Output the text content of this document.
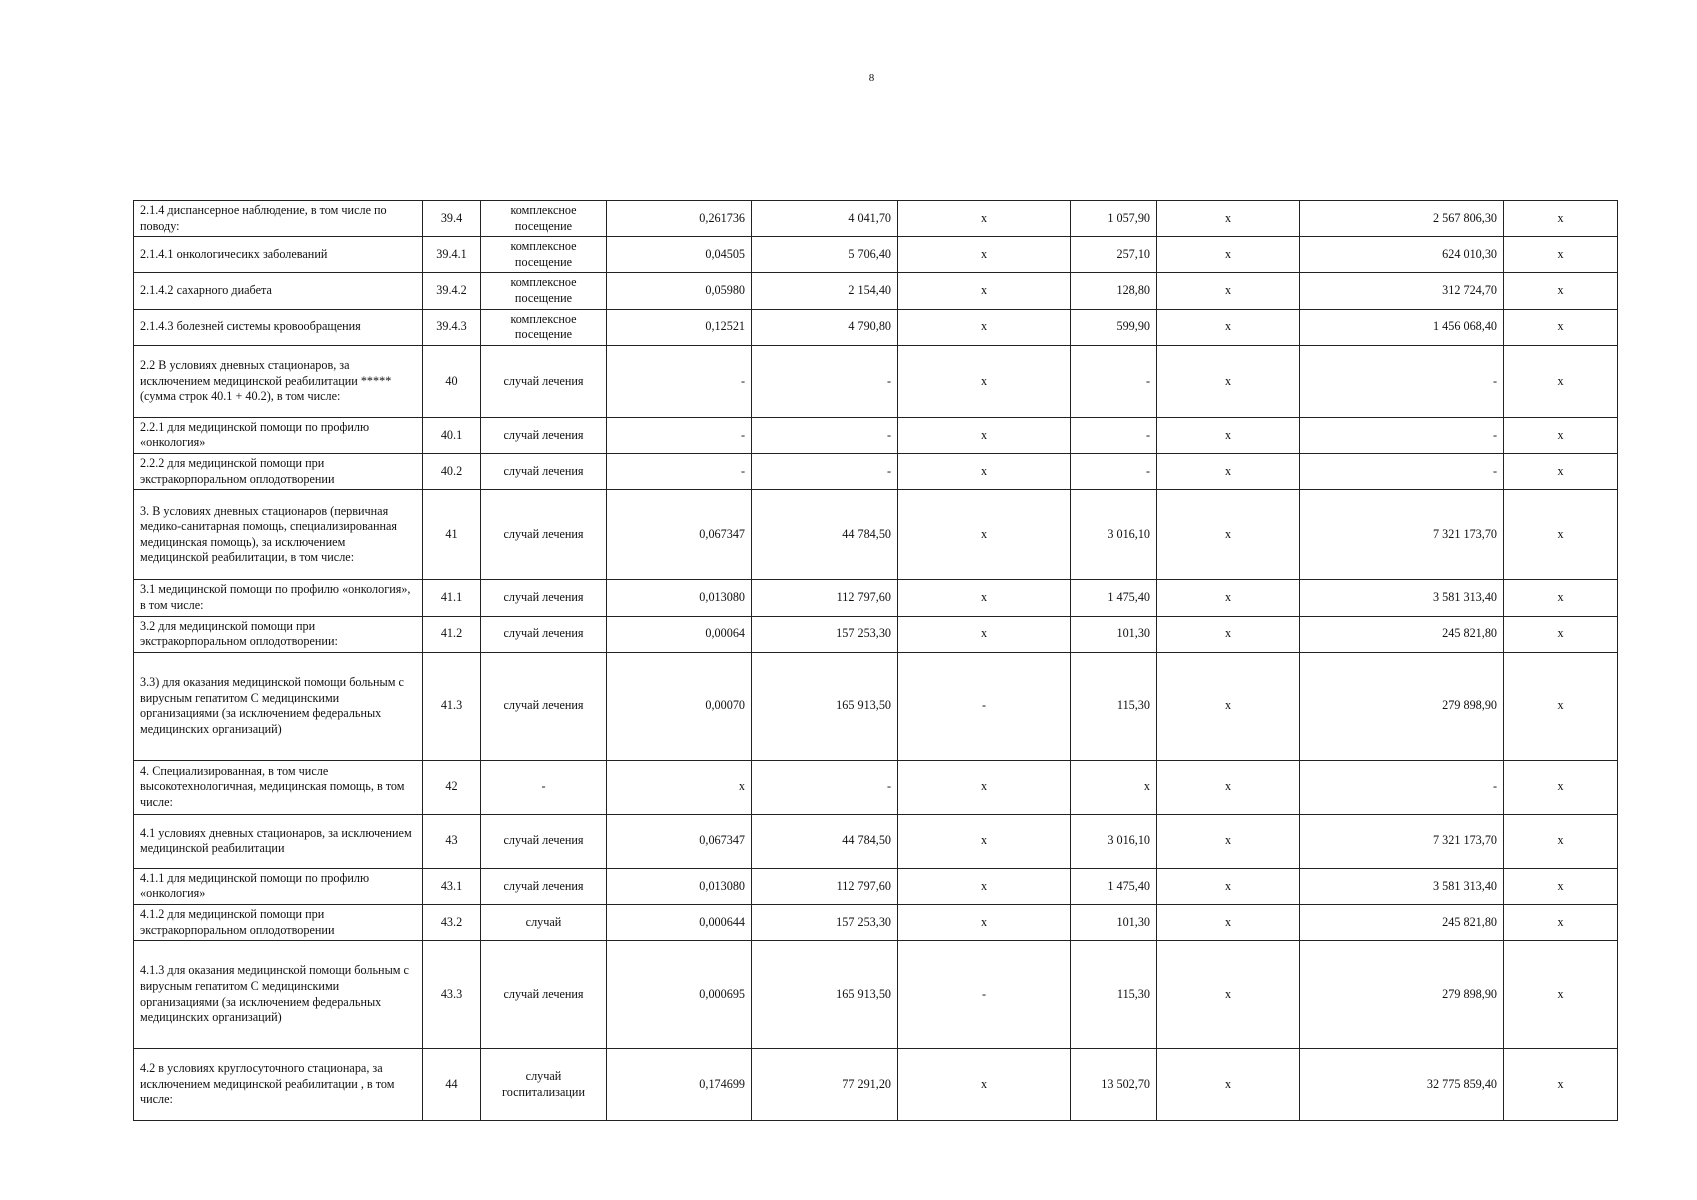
8
2.1.4 диспансерное наблюдение, в том числе по поводу:	39.4	комплексное посещение	0,261736	4 041,70	х	1 057,90	х	2 567 806,30	х
2.1.4.1 онкологичесикх заболеваний	39.4.1	комплексное посещение	0,04505	5 706,40	х	257,10	х	624 010,30	х
2.1.4.2 сахарного диабета	39.4.2	комплексное посещение	0,05980	2 154,40	х	128,80	х	312 724,70	х
2.1.4.3 болезней системы кровообращения	39.4.3	комплексное посещение	0,12521	4 790,80	х	599,90	х	1 456 068,40	х
2.2 В условиях дневных стационаров, за исключением медицинской реабилитации ***** (сумма строк 40.1 + 40.2), в том числе:	40	случай лечения	-	-	х	-	х	-	х
2.2.1 для медицинской помощи по профилю «онкология»	40.1	случай лечения	-	-	х	-	х	-	х
2.2.2 для медицинской помощи при экстракорпоральном оплодотворении	40.2	случай лечения	-	-	х	-	х	-	х
3. В условиях дневных стационаров (первичная медико-санитарная помощь, специализированная медицинская помощь), за исключением медицинской реабилитации, в том числе:	41	случай лечения	0,067347	44 784,50	х	3 016,10	х	7 321 173,70	х
3.1 медицинской помощи по профилю «онкология», в том числе:	41.1	случай лечения	0,013080	112 797,60	х	1 475,40	х	3 581 313,40	х
3.2 для медицинской помощи при экстракорпоральном оплодотворении:	41.2	случай лечения	0,00064	157 253,30	х	101,30	х	245 821,80	х
3.3) для оказания медицинской помощи больным с вирусным гепатитом С медицинскими организациями (за исключением федеральных медицинских организаций)	41.3	случай лечения	0,00070	165 913,50	-	115,30	х	279 898,90	х
4. Специализированная, в том числе высокотехнологичная, медицинская помощь, в том числе:	42	-	х	-	х	х	х	-	х
4.1 условиях дневных стационаров, за исключением медицинской реабилитации	43	случай лечения	0,067347	44 784,50	х	3 016,10	х	7 321 173,70	х
4.1.1 для медицинской помощи по профилю «онкология»	43.1	случай лечения	0,013080	112 797,60	х	1 475,40	х	3 581 313,40	х
4.1.2 для медицинской помощи при экстракорпоральном оплодотворении	43.2	случай	0,000644	157 253,30	х	101,30	х	245 821,80	х
4.1.3 для оказания медицинской помощи больным с вирусным гепатитом С медицинскими организациями (за исключением федеральных медицинских организаций)	43.3	случай лечения	0,000695	165 913,50	-	115,30	х	279 898,90	х
4.2 в условиях круглосуточного стационара, за исключением медицинской реабилитации , в том числе:	44	случай госпитализации	0,174699	77 291,20	х	13 502,70	х	32 775 859,40	х
